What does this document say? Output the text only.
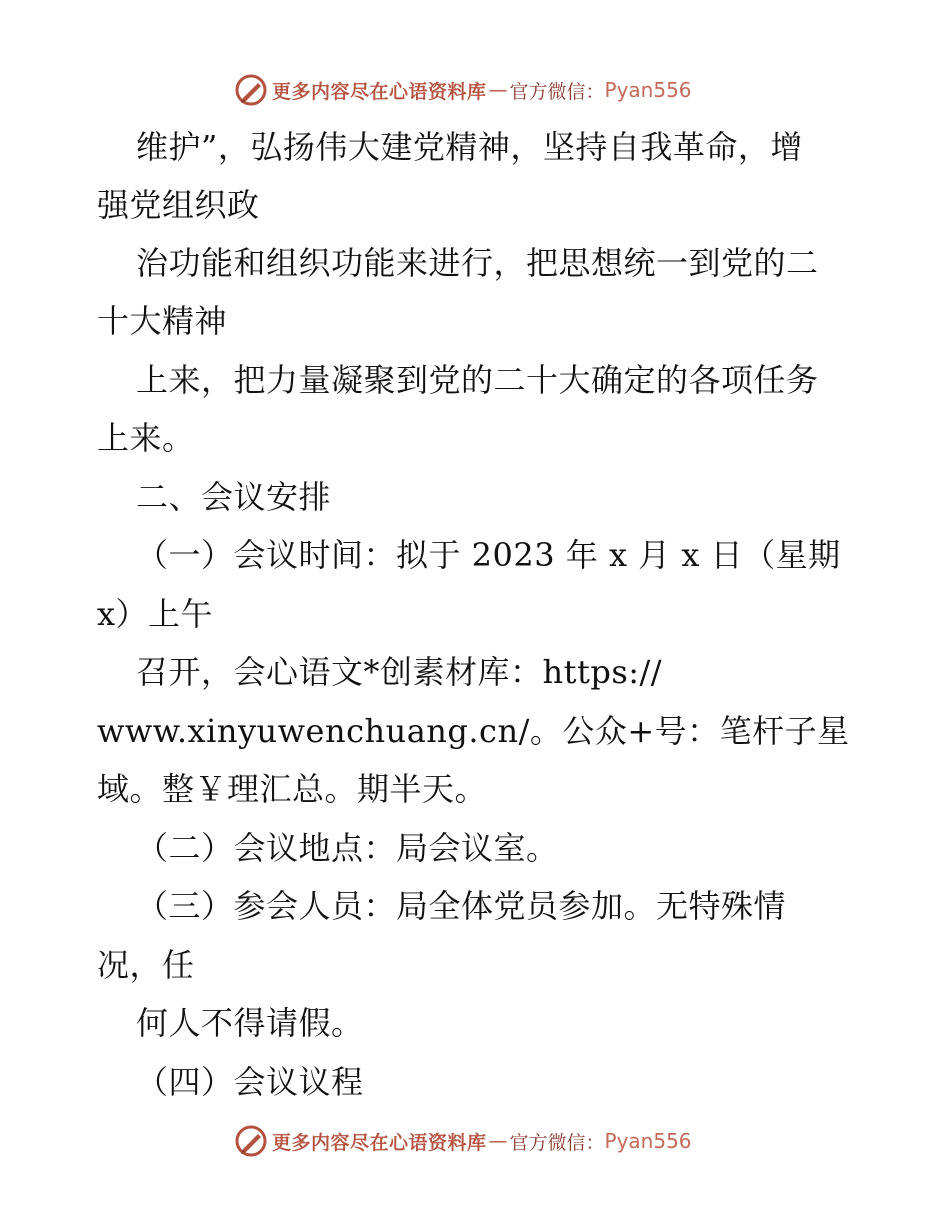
更多内容尽在心语资料库 — 官方微信： Pyan556
维护”，弘扬伟大建党精神，坚持自我革命，增
强党组织政
治功能和组织功能来进行，把思想统一到党的二
十大精神
上来，把力量凝聚到党的二十大确定的各项任务
上来。
二、会议安排
（一）会议时间：拟于 2023 年 x 月 x 日（星期
x）上午
召开，会心语文*创素材库：https://
www.xinyuwenchuang.cn/。公众+号：笔杆子星
域。整￥理汇总。期半天。
（二）会议地点：局会议室。
（三）参会人员：局全体党员参加。无特殊情
况，任
何人不得请假。
（四）会议议程
更多内容尽在心语资料库 — 官方微信： Pyan556
